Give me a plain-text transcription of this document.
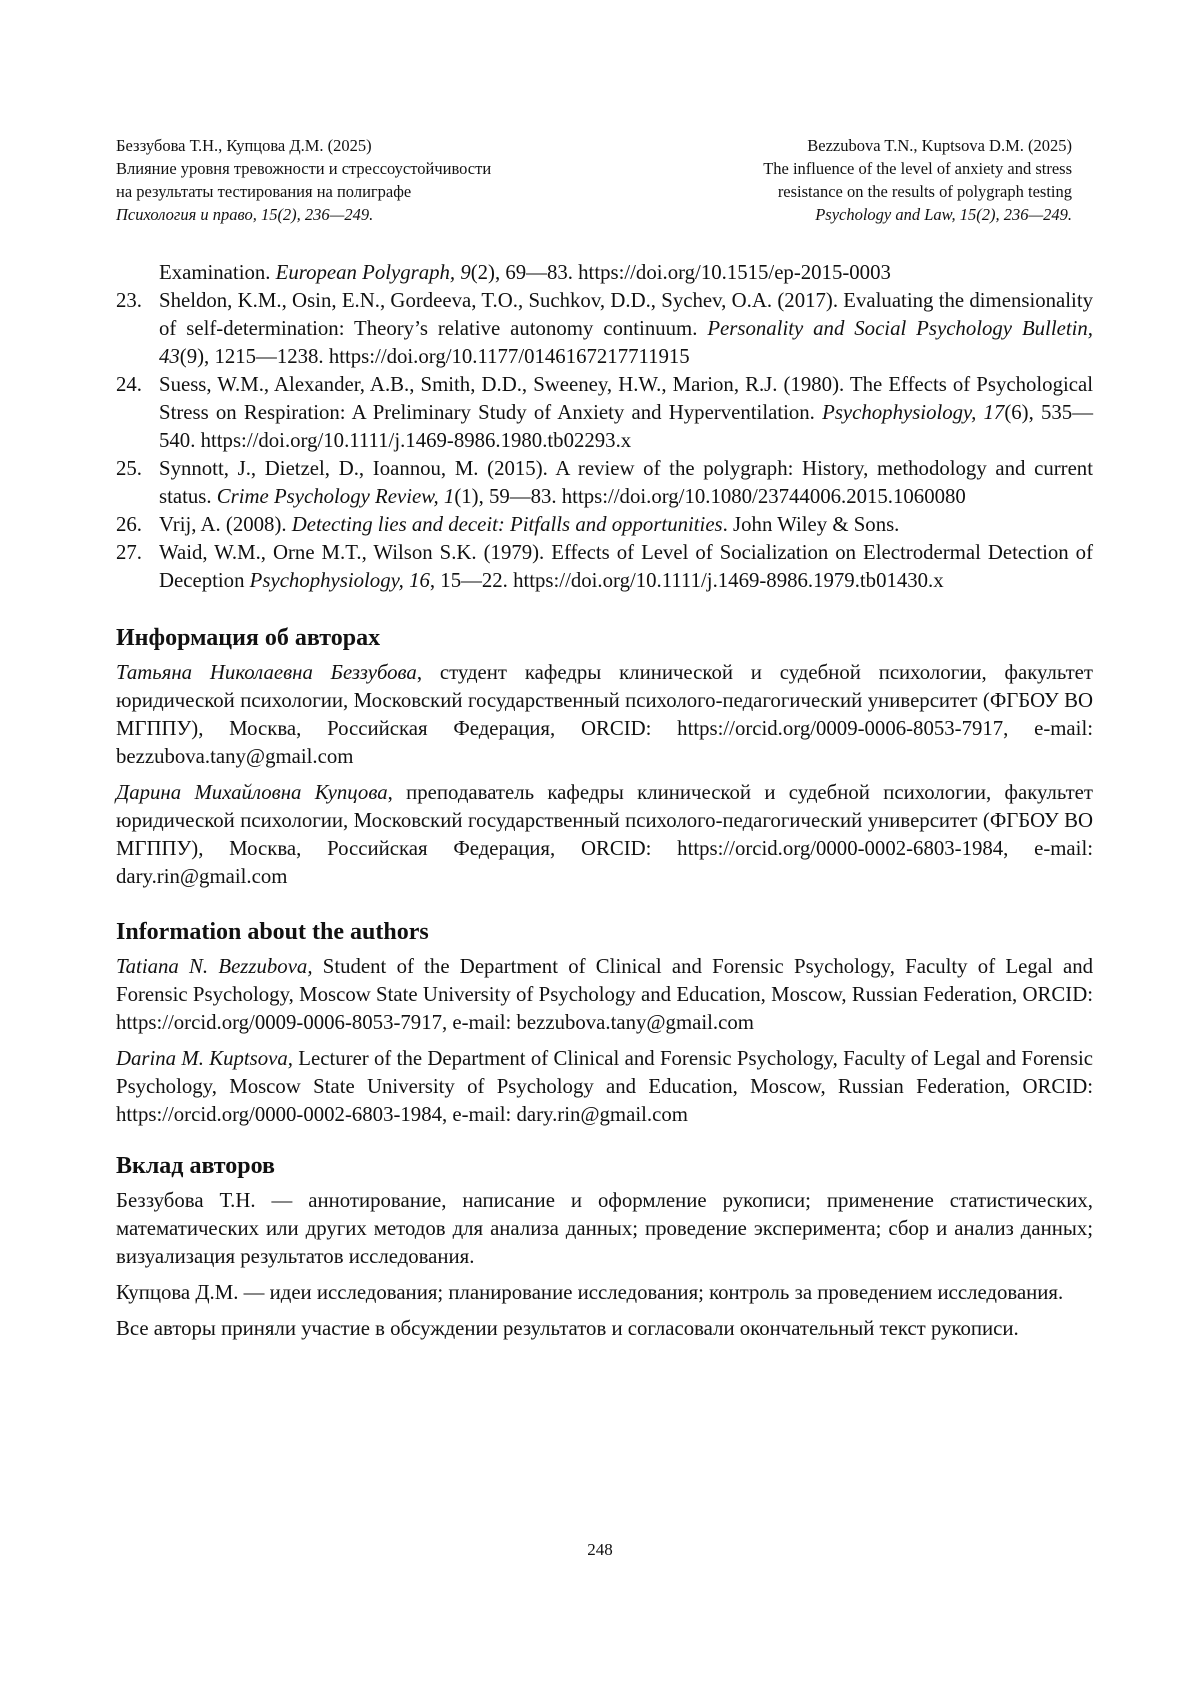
Беззубова Т.Н., Купцова Д.М. (2025)
Влияние уровня тревожности и стрессоустойчивости
на результаты тестирования на полиграфе
Психология и право, 15(2), 236—249.
Bezzubova T.N., Kuptsova D.M. (2025)
The influence of the level of anxiety and stress
resistance on the results of polygraph testing
Psychology and Law, 15(2), 236—249.

Examination. European Polygraph, 9(2), 69—83. https://doi.org/10.1515/ep-2015-0003

23. Sheldon, K.M., Osin, E.N., Gordeeva, T.O., Suchkov, D.D., Sychev, O.A. (2017). Evaluating the dimensionality of self-determination: Theory’s relative autonomy continuum. Personality and Social Psychology Bulletin, 43(9), 1215—1238. https://doi.org/10.1177/0146167217711915

24. Suess, W.M., Alexander, A.B., Smith, D.D., Sweeney, H.W., Marion, R.J. (1980). The Effects of Psychological Stress on Respiration: A Preliminary Study of Anxiety and Hyperventilation. Psychophysiology, 17(6), 535—540. https://doi.org/10.1111/j.1469-8986.1980.tb02293.x

25. Synnott, J., Dietzel, D., Ioannou, M. (2015). A review of the polygraph: History, methodology and current status. Crime Psychology Review, 1(1), 59—83. https://doi.org/10.1080/23744006.2015.1060080

26. Vrij, A. (2008). Detecting lies and deceit: Pitfalls and opportunities. John Wiley & Sons.

27. Waid, W.M., Orne M.T., Wilson S.K. (1979). Effects of Level of Socialization on Electrodermal Detection of Deception Psychophysiology, 16, 15—22. https://doi.org/10.1111/j.1469-8986.1979.tb01430.x

Информация об авторах

Татьяна Николаевна Беззубова, студент кафедры клинической и судебной психологии, факультет юридической психологии, Московский государственный психолого-педагогический университет (ФГБОУ ВО МГППУ), Москва, Российская Федерация, ORCID: https://orcid.org/0009-0006-8053-7917, e-mail: bezzubova.tany@gmail.com

Дарина Михайловна Купцова, преподаватель кафедры клинической и судебной психологии, факультет юридической психологии, Московский государственный психолого-педагогический университет (ФГБОУ ВО МГППУ), Москва, Российская Федерация, ORCID: https://orcid.org/0000-0002-6803-1984, e-mail: dary.rin@gmail.com

Information about the authors

Tatiana N. Bezzubova, Student of the Department of Clinical and Forensic Psychology, Faculty of Legal and Forensic Psychology, Moscow State University of Psychology and Education, Moscow, Russian Federation, ORCID: https://orcid.org/0009-0006-8053-7917, e-mail: bezzubova.tany@gmail.com

Darina M. Kuptsova, Lecturer of the Department of Clinical and Forensic Psychology, Faculty of Legal and Forensic Psychology, Moscow State University of Psychology and Education, Moscow, Russian Federation, ORCID: https://orcid.org/0000-0002-6803-1984, e-mail: dary.rin@gmail.com

Вклад авторов

Беззубова Т.Н. — аннотирование, написание и оформление рукописи; применение статистических, математических или других методов для анализа данных; проведение эксперимента; сбор и анализ данных; визуализация результатов исследования.

Купцова Д.М. — идеи исследования; планирование исследования; контроль за проведением исследования.

Все авторы приняли участие в обсуждении результатов и согласовали окончательный текст рукописи.

248
